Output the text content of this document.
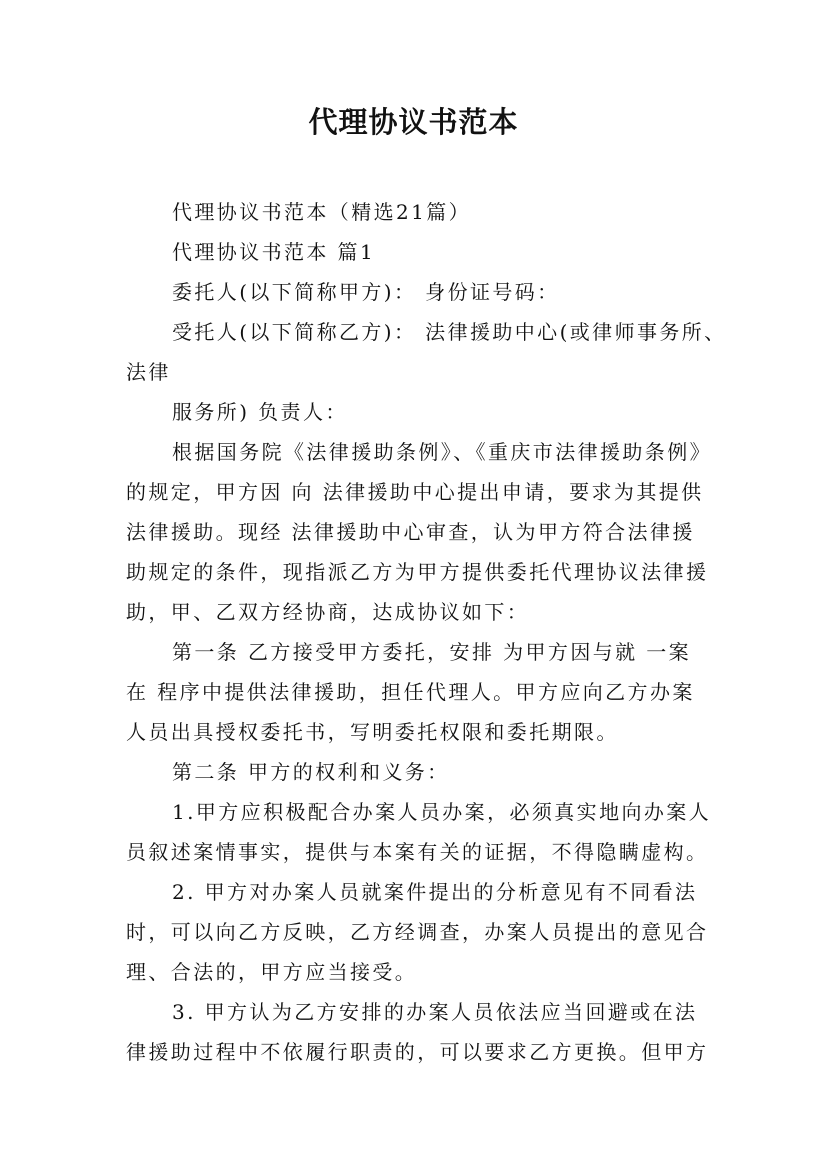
代理协议书范本
代理协议书范本（精选21篇）
代理协议书范本 篇1
委托人(以下简称甲方)： 身份证号码：
受托人(以下简称乙方)： 法律援助中心(或律师事务所、
法律
服务所) 负责人：
根据国务院《法律援助条例》、《重庆市法律援助条例》
的规定，甲方因 向 法律援助中心提出申请，要求为其提供
法律援助。现经 法律援助中心审查，认为甲方符合法律援
助规定的条件，现指派乙方为甲方提供委托代理协议法律援
助，甲、乙双方经协商，达成协议如下：
第一条 乙方接受甲方委托，安排 为甲方因与就 一案
在 程序中提供法律援助，担任代理人。甲方应向乙方办案
人员出具授权委托书，写明委托权限和委托期限。
第二条 甲方的权利和义务：
1.甲方应积极配合办案人员办案，必须真实地向办案人
员叙述案情事实，提供与本案有关的证据，不得隐瞒虚构。
2. 甲方对办案人员就案件提出的分析意见有不同看法
时，可以向乙方反映，乙方经调查，办案人员提出的意见合
理、合法的，甲方应当接受。
3. 甲方认为乙方安排的办案人员依法应当回避或在法
律援助过程中不依履行职责的，可以要求乙方更换。但甲方
